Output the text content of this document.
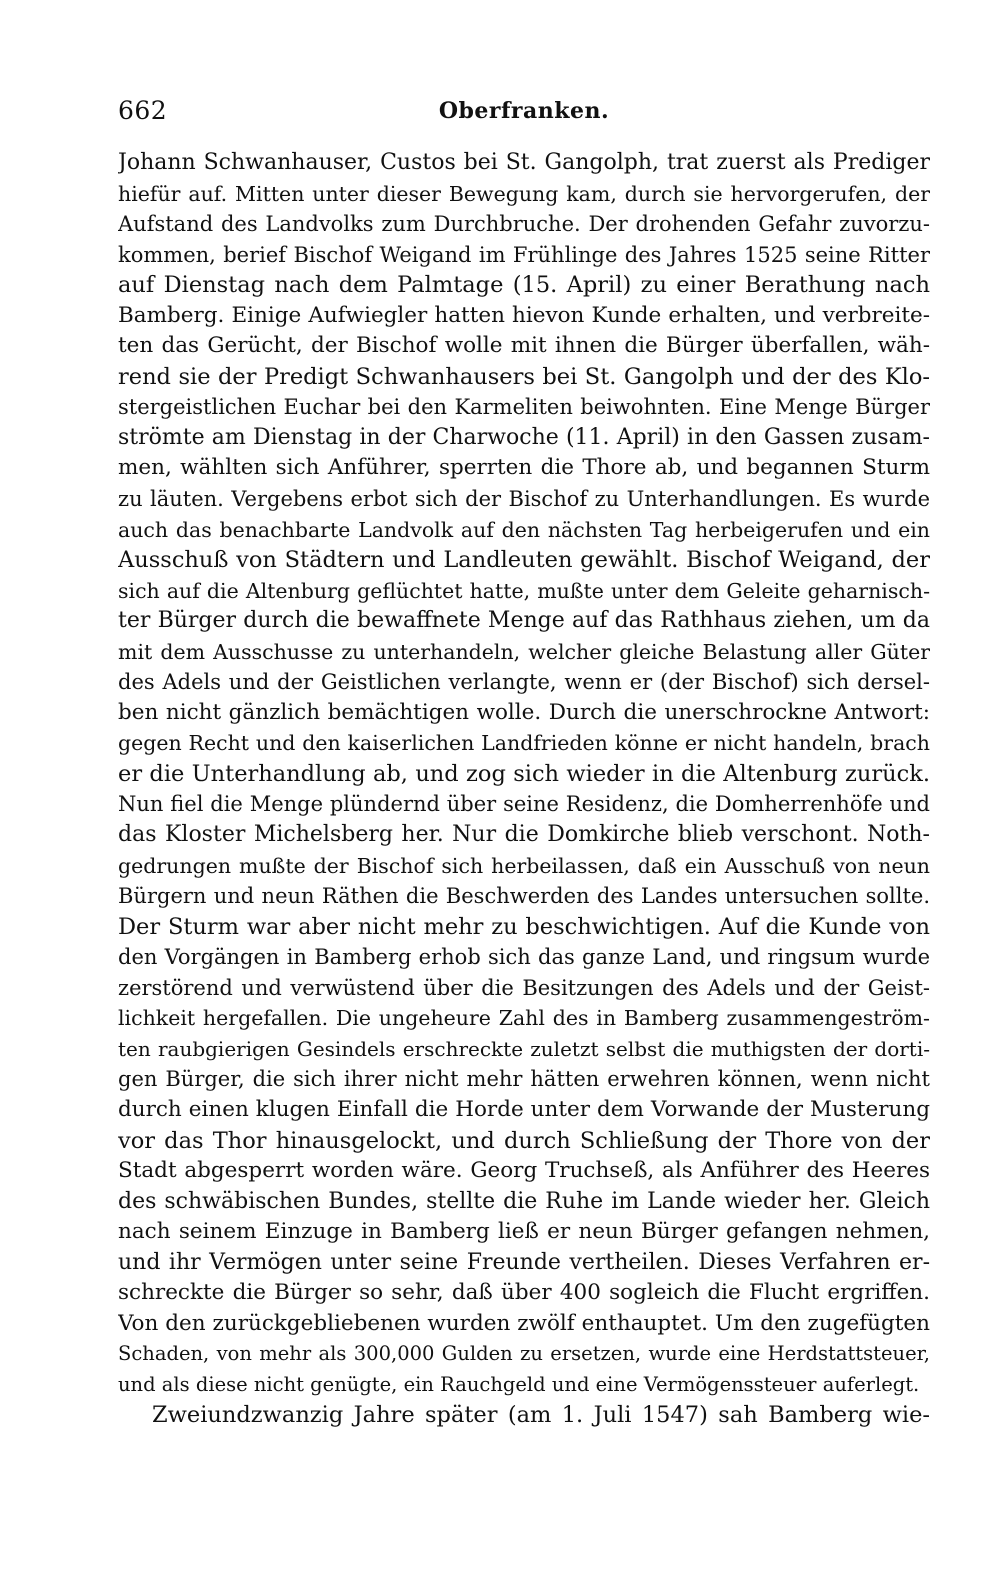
662	Oberfranken.
Johann Schwanhauser, Custos bei St. Gangolph, trat zuerst als Prediger
hiefür auf. Mitten unter dieser Bewegung kam, durch sie hervorgerufen, der
Aufstand des Landvolks zum Durchbruche. Der drohenden Gefahr zuvorzu-
kommen, berief Bischof Weigand im Frühlinge des Jahres 1525 seine Ritter
auf Dienstag nach dem Palmtage (15. April) zu einer Berathung nach
Bamberg. Einige Aufwiegler hatten hievon Kunde erhalten, und verbreite-
ten das Gerücht, der Bischof wolle mit ihnen die Bürger überfallen, wäh-
rend sie der Predigt Schwanhausers bei St. Gangolph und der des Klo-
stergeistlichen Euchar bei den Karmeliten beiwohnten. Eine Menge Bürger
strömte am Dienstag in der Charwoche (11. April) in den Gassen zusam-
men, wählten sich Anführer, sperrten die Thore ab, und begannen Sturm
zu läuten. Vergebens erbot sich der Bischof zu Unterhandlungen. Es wurde
auch das benachbarte Landvolk auf den nächsten Tag herbeigerufen und ein
Ausschuß von Städtern und Landleuten gewählt. Bischof Weigand, der
sich auf die Altenburg geflüchtet hatte, mußte unter dem Geleite geharnisch-
ter Bürger durch die bewaffnete Menge auf das Rathhaus ziehen, um da
mit dem Ausschusse zu unterhandeln, welcher gleiche Belastung aller Güter
des Adels und der Geistlichen verlangte, wenn er (der Bischof) sich dersel-
ben nicht gänzlich bemächtigen wolle. Durch die unerschrockne Antwort:
gegen Recht und den kaiserlichen Landfrieden könne er nicht handeln, brach
er die Unterhandlung ab, und zog sich wieder in die Altenburg zurück.
Nun fiel die Menge plündernd über seine Residenz, die Domherrenhöfe und
das Kloster Michelsberg her. Nur die Domkirche blieb verschont. Noth-
gedrungen mußte der Bischof sich herbeilassen, daß ein Ausschuß von neun
Bürgern und neun Räthen die Beschwerden des Landes untersuchen sollte.
Der Sturm war aber nicht mehr zu beschwichtigen. Auf die Kunde von
den Vorgängen in Bamberg erhob sich das ganze Land, und ringsum wurde
zerstörend und verwüstend über die Besitzungen des Adels und der Geist-
lichkeit hergefallen. Die ungeheure Zahl des in Bamberg zusammengeström-
ten raubgierigen Gesindels erschreckte zuletzt selbst die muthigsten der dorti-
gen Bürger, die sich ihrer nicht mehr hätten erwehren können, wenn nicht
durch einen klugen Einfall die Horde unter dem Vorwande der Musterung
vor das Thor hinausgelockt, und durch Schließung der Thore von der
Stadt abgesperrt worden wäre. Georg Truchseß, als Anführer des Heeres
des schwäbischen Bundes, stellte die Ruhe im Lande wieder her. Gleich
nach seinem Einzuge in Bamberg ließ er neun Bürger gefangen nehmen,
und ihr Vermögen unter seine Freunde vertheilen. Dieses Verfahren er-
schreckte die Bürger so sehr, daß über 400 sogleich die Flucht ergriffen.
Von den zurückgebliebenen wurden zwölf enthauptet. Um den zugefügten
Schaden, von mehr als 300,000 Gulden zu ersetzen, wurde eine Herdstattsteuer,
und als diese nicht genügte, ein Rauchgeld und eine Vermögenssteuer auferlegt.
Zweiundzwanzig Jahre später (am 1. Juli 1547) sah Bamberg wie-
